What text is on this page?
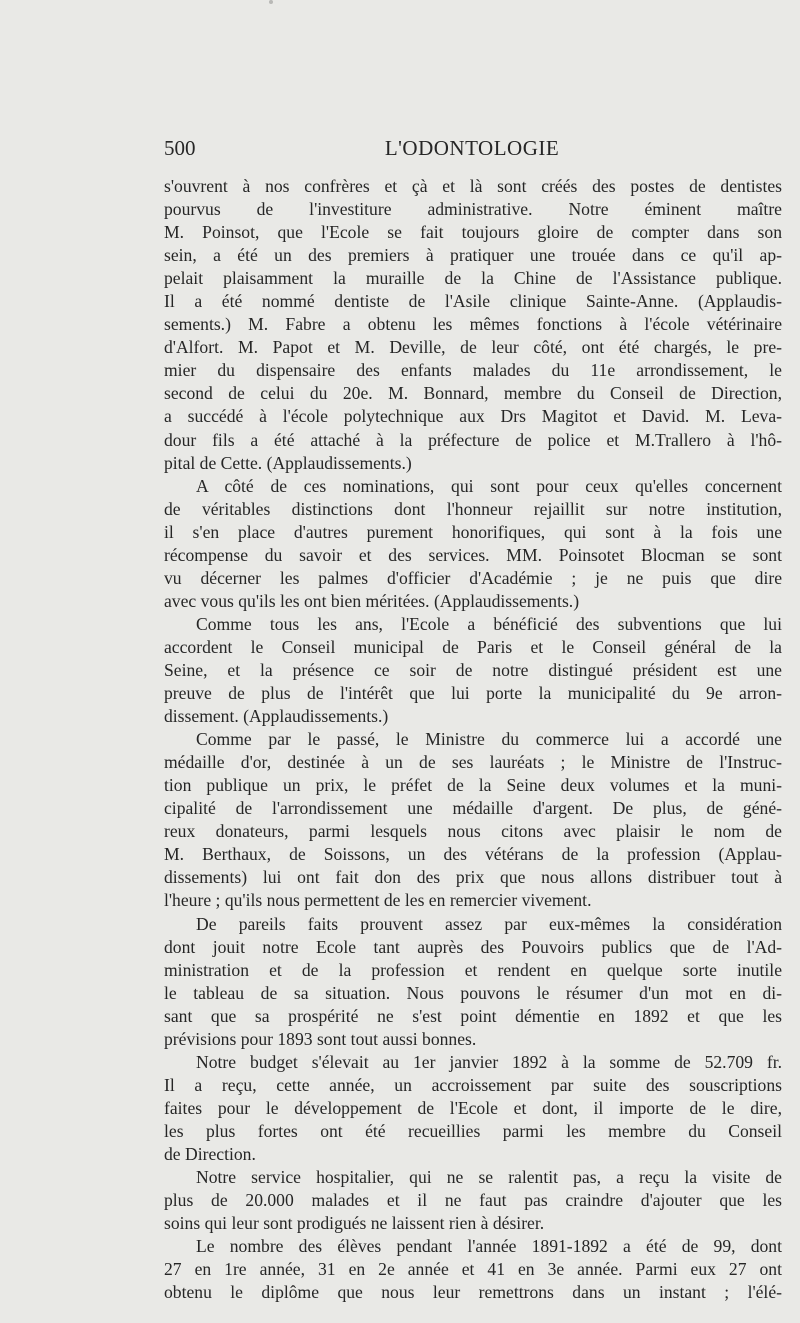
500	L'ODONTOLOGIE
s'ouvrent à nos confrères et çà et là sont créés des postes de dentistes
pourvus de l'investiture administrative. Notre éminent maître
M. Poinsot, que l'Ecole se fait toujours gloire de compter dans son
sein, a été un des premiers à pratiquer une trouée dans ce qu'il ap-
pelait plaisamment la muraille de la Chine de l'Assistance publique.
Il a été nommé dentiste de l'Asile clinique Sainte-Anne. (Applaudis-
sements.) M. Fabre a obtenu les mêmes fonctions à l'école vétérinaire
d'Alfort. M. Papot et M. Deville, de leur côté, ont été chargés, le pre-
mier du dispensaire des enfants malades du 11e arrondissement, le
second de celui du 20e. M. Bonnard, membre du Conseil de Direction,
a succédé à l'école polytechnique aux Drs Magitot et David. M. Leva-
dour fils a été attaché à la préfecture de police et M.Trallero à l'hô-
pital de Cette. (Applaudissements.)
A côté de ces nominations, qui sont pour ceux qu'elles concernent
de véritables distinctions dont l'honneur rejaillit sur notre institution,
il s'en place d'autres purement honorifiques, qui sont à la fois une
récompense du savoir et des services. MM. Poinsotet Blocman se sont
vu décerner les palmes d'officier d'Académie ; je ne puis que dire
avec vous qu'ils les ont bien méritées. (Applaudissements.)
Comme tous les ans, l'Ecole a bénéficié des subventions que lui
accordent le Conseil municipal de Paris et le Conseil général de la
Seine, et la présence ce soir de notre distingué président est une
preuve de plus de l'intérêt que lui porte la municipalité du 9e arron-
dissement. (Applaudissements.)
Comme par le passé, le Ministre du commerce lui a accordé une
médaille d'or, destinée à un de ses lauréats ; le Ministre de l'Instruc-
tion publique un prix, le préfet de la Seine deux volumes et la muni-
cipalité de l'arrondissement une médaille d'argent. De plus, de géné-
reux donateurs, parmi lesquels nous citons avec plaisir le nom de
M. Berthaux, de Soissons, un des vétérans de la profession (Applau-
dissements) lui ont fait don des prix que nous allons distribuer tout à
l'heure ; qu'ils nous permettent de les en remercier vivement.
De pareils faits prouvent assez par eux-mêmes la considération
dont jouit notre Ecole tant auprès des Pouvoirs publics que de l'Ad-
ministration et de la profession et rendent en quelque sorte inutile
le tableau de sa situation. Nous pouvons le résumer d'un mot en di-
sant que sa prospérité ne s'est point démentie en 1892 et que les
prévisions pour 1893 sont tout aussi bonnes.
Notre budget s'élevait au 1er janvier 1892 à la somme de 52.709 fr.
Il a reçu, cette année, un accroissement par suite des souscriptions
faites pour le développement de l'Ecole et dont, il importe de le dire,
les plus fortes ont été recueillies parmi les membre du Conseil
de Direction.
Notre service hospitalier, qui ne se ralentit pas, a reçu la visite de
plus de 20.000 malades et il ne faut pas craindre d'ajouter que les
soins qui leur sont prodigués ne laissent rien à désirer.
Le nombre des élèves pendant l'année 1891-1892 a été de 99, dont
27 en 1re année, 31 en 2e année et 41 en 3e année. Parmi eux 27 ont
obtenu le diplôme que nous leur remettrons dans un instant ; l'élé-
